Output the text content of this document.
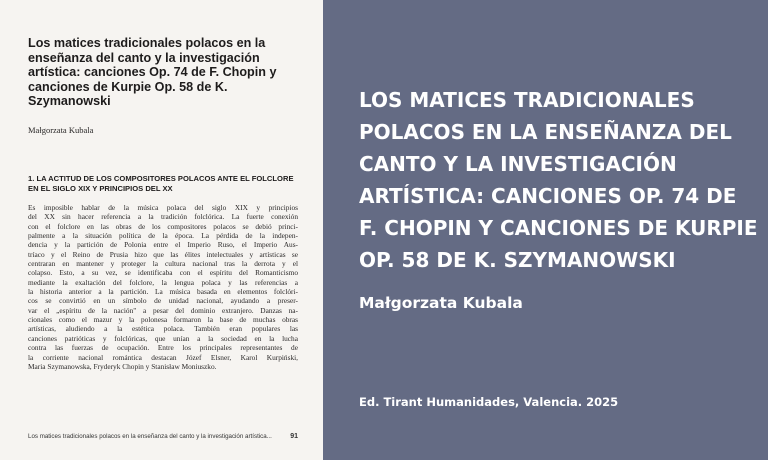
Los matices tradicionales polacos en la enseñanza del canto y la investigación artística: canciones Op. 74 de F. Chopin y canciones de Kurpie Op. 58 de K. Szymanowski
Małgorzata Kubala
1. LA ACTITUD DE LOS COMPOSITORES POLACOS ANTE EL FOLCLORE EN EL SIGLO XIX Y PRINCIPIOS DEL XX
Es imposible hablar de la música polaca del siglo XIX y principios
del XX sin hacer referencia a la tradición folclórica. La fuerte conexión
con el folclore en las obras de los compositores polacos se debió princi-
palmente a la situación política de la época. La pérdida de la indepen-
dencia y la partición de Polonia entre el Imperio Ruso, el Imperio Aus-
tríaco y el Reino de Prusia hizo que las élites intelectuales y artísticas se
centraran en mantener y proteger la cultura nacional tras la derrota y el
colapso. Esto, a su vez, se identificaba con el espíritu del Romanticismo
mediante la exaltación del folclore, la lengua polaca y las referencias a
la historia anterior a la partición. La música basada en elementos folclóri-
cos se convirtió en un símbolo de unidad nacional, ayudando a preser-
var el „espíritu de la nación" a pesar del dominio extranjero. Danzas na-
cionales como el mazur y la polonesa formaron la base de muchas obras
artísticas, aludiendo a la estética polaca. También eran populares las
canciones patrióticas y folclóricas, que unían a la sociedad en la lucha
contra las fuerzas de ocupación. Entre los principales representantes de
la corriente nacional romántica destacan Józef Elsner, Karol Kurpiński,
Maria Szymanowska, Fryderyk Chopin y Stanisław Moniuszko.
Los matices tradicionales polacos en la enseñanza del canto y la investigación artística...	91
LOS MATICES TRADICIONALES POLACOS EN LA ENSEÑANZA DEL CANTO Y LA INVESTIGACIÓN ARTÍSTICA: CANCIONES OP. 74 DE F. CHOPIN Y CANCIONES DE KURPIE OP. 58 DE K. SZYMANOWSKI
Małgorzata Kubala
Ed. Tirant Humanidades, Valencia. 2025
